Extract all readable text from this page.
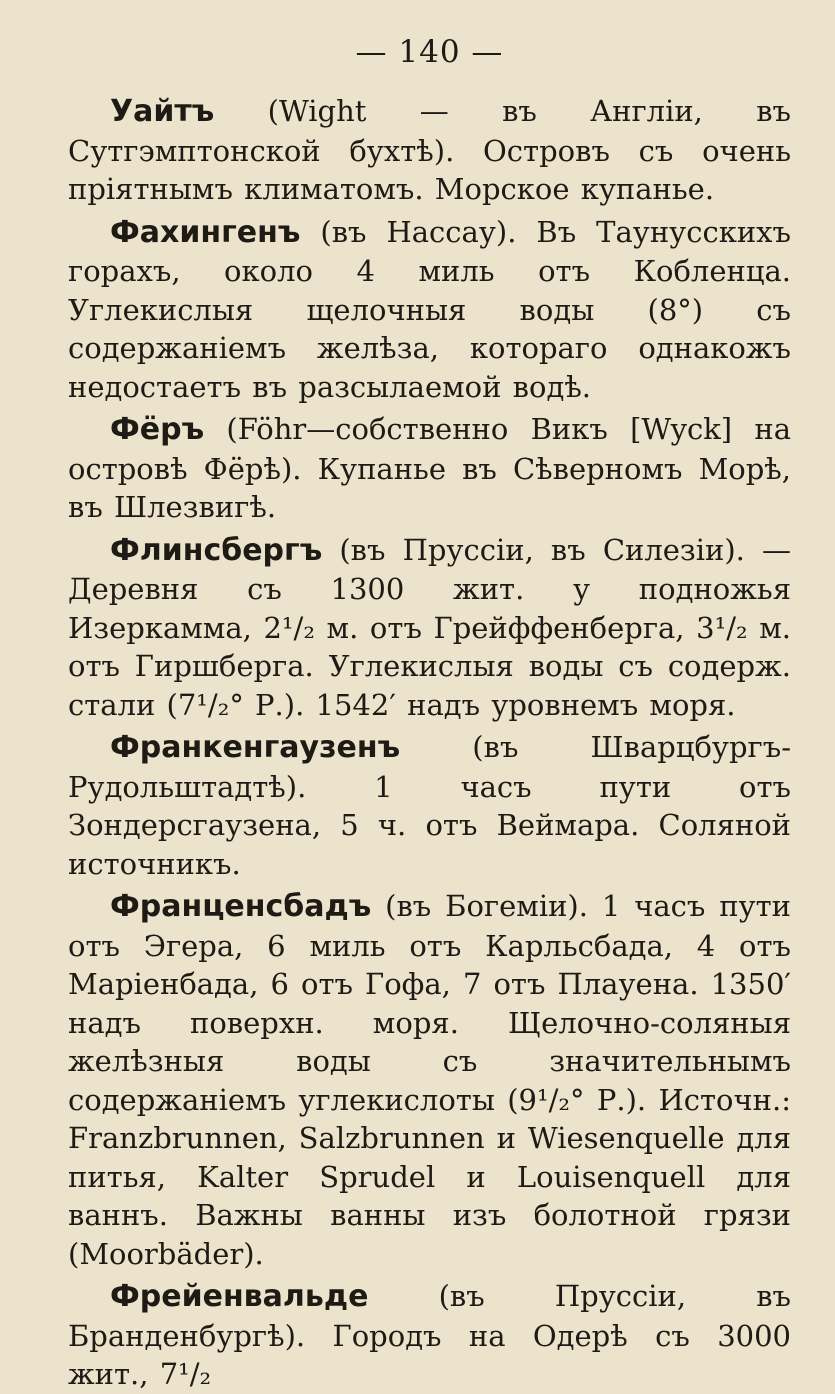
— 140 —

Уайтъ (Wight — въ Англіи, въ Сутгэмптонской бухтѣ). Островъ съ очень пріятнымъ климатомъ. Морское купанье.

Фахингенъ (въ Нассау). Въ Таунусскихъ горахъ, около 4 миль отъ Кобленца. Углекислыя щелочныя воды (8°) съ содержаніемъ желѣза, котораго однакожъ недостаетъ въ разсылаемой водѣ.

Фёръ (Föhr—собственно Викъ [Wyck] на островѣ Фёрѣ). Купанье въ Сѣверномъ Морѣ, въ Шлезвигѣ.

Флинсбергъ (въ Пруссіи, въ Силезіи). — Деревня съ 1300 жит. у подножья Изеркамма, 2¹/₂ м. отъ Грейффенберга, 3¹/₂ м. отъ Гиршберга. Углекислыя воды съ содерж. стали (7¹/₂° Р.). 1542′ надъ уровнемъ моря.

Франкенгаузенъ (въ Шварцбургъ-Рудольштадтѣ). 1 часъ пути отъ Зондерсгаузена, 5 ч. отъ Веймара. Соляной источникъ.

Франценсбадъ (въ Богеміи). 1 часъ пути отъ Эгера, 6 миль отъ Карльсбада, 4 отъ Маріенбада, 6 отъ Гофа, 7 отъ Плауена. 1350′ надъ поверхн. моря. Щелочно-соляныя желѣзныя воды съ значительнымъ содержаніемъ углекислоты (9¹/₂° Р.). Источн.: Franzbrunnen, Salzbrunnen и Wiesenquelle для питья, Kalter Sprudel и Louisenquell для ваннъ. Важны ванны изъ болотной грязи (Moorbäder).

Фрейенвальде (въ Пруссіи, въ Бранденбургѣ). Городъ на Одерѣ съ 3000 жит., 7¹/₂
